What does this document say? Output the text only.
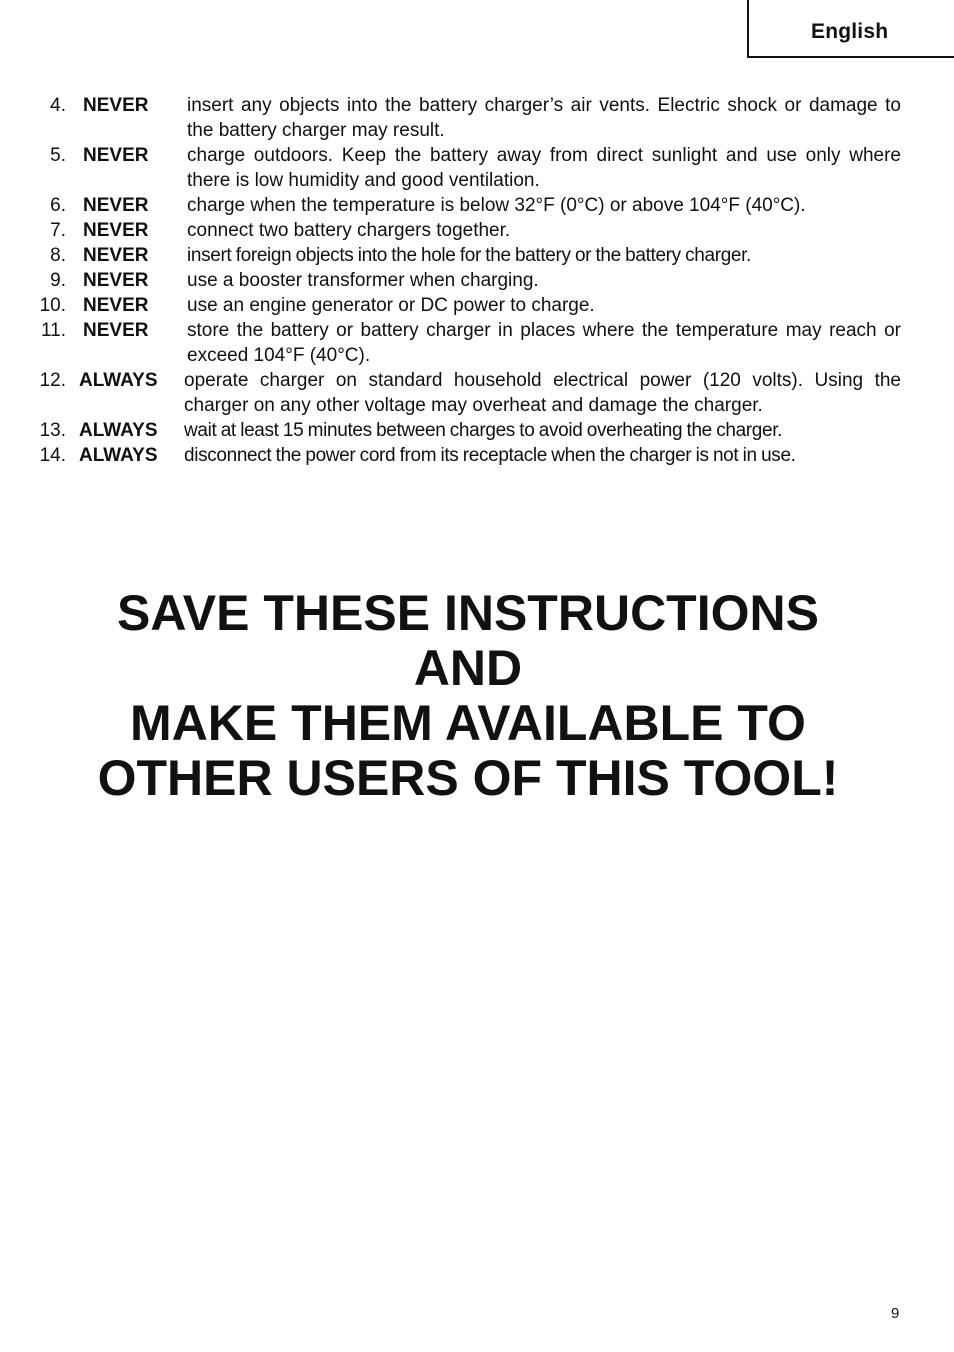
English
4. NEVER insert any objects into the battery charger’s air vents. Electric shock or damage to the battery charger may result.
5. NEVER charge outdoors. Keep the battery away from direct sunlight and use only where there is low humidity and good ventilation.
6. NEVER charge when the temperature is below 32°F (0°C) or above 104°F (40°C).
7. NEVER connect two battery chargers together.
8. NEVER insert foreign objects into the hole for the battery or the battery charger.
9. NEVER use a booster transformer when charging.
10. NEVER use an engine generator or DC power to charge.
11. NEVER store the battery or battery charger in places where the temperature may reach or exceed 104°F (40°C).
12. ALWAYS operate charger on standard household electrical power (120 volts). Using the charger on any other voltage may overheat and damage the charger.
13. ALWAYS wait at least 15 minutes between charges to avoid overheating the charger.
14. ALWAYS disconnect the power cord from its receptacle when the charger is not in use.
SAVE THESE INSTRUCTIONS
AND
MAKE THEM AVAILABLE TO
OTHER USERS OF THIS TOOL!
9
